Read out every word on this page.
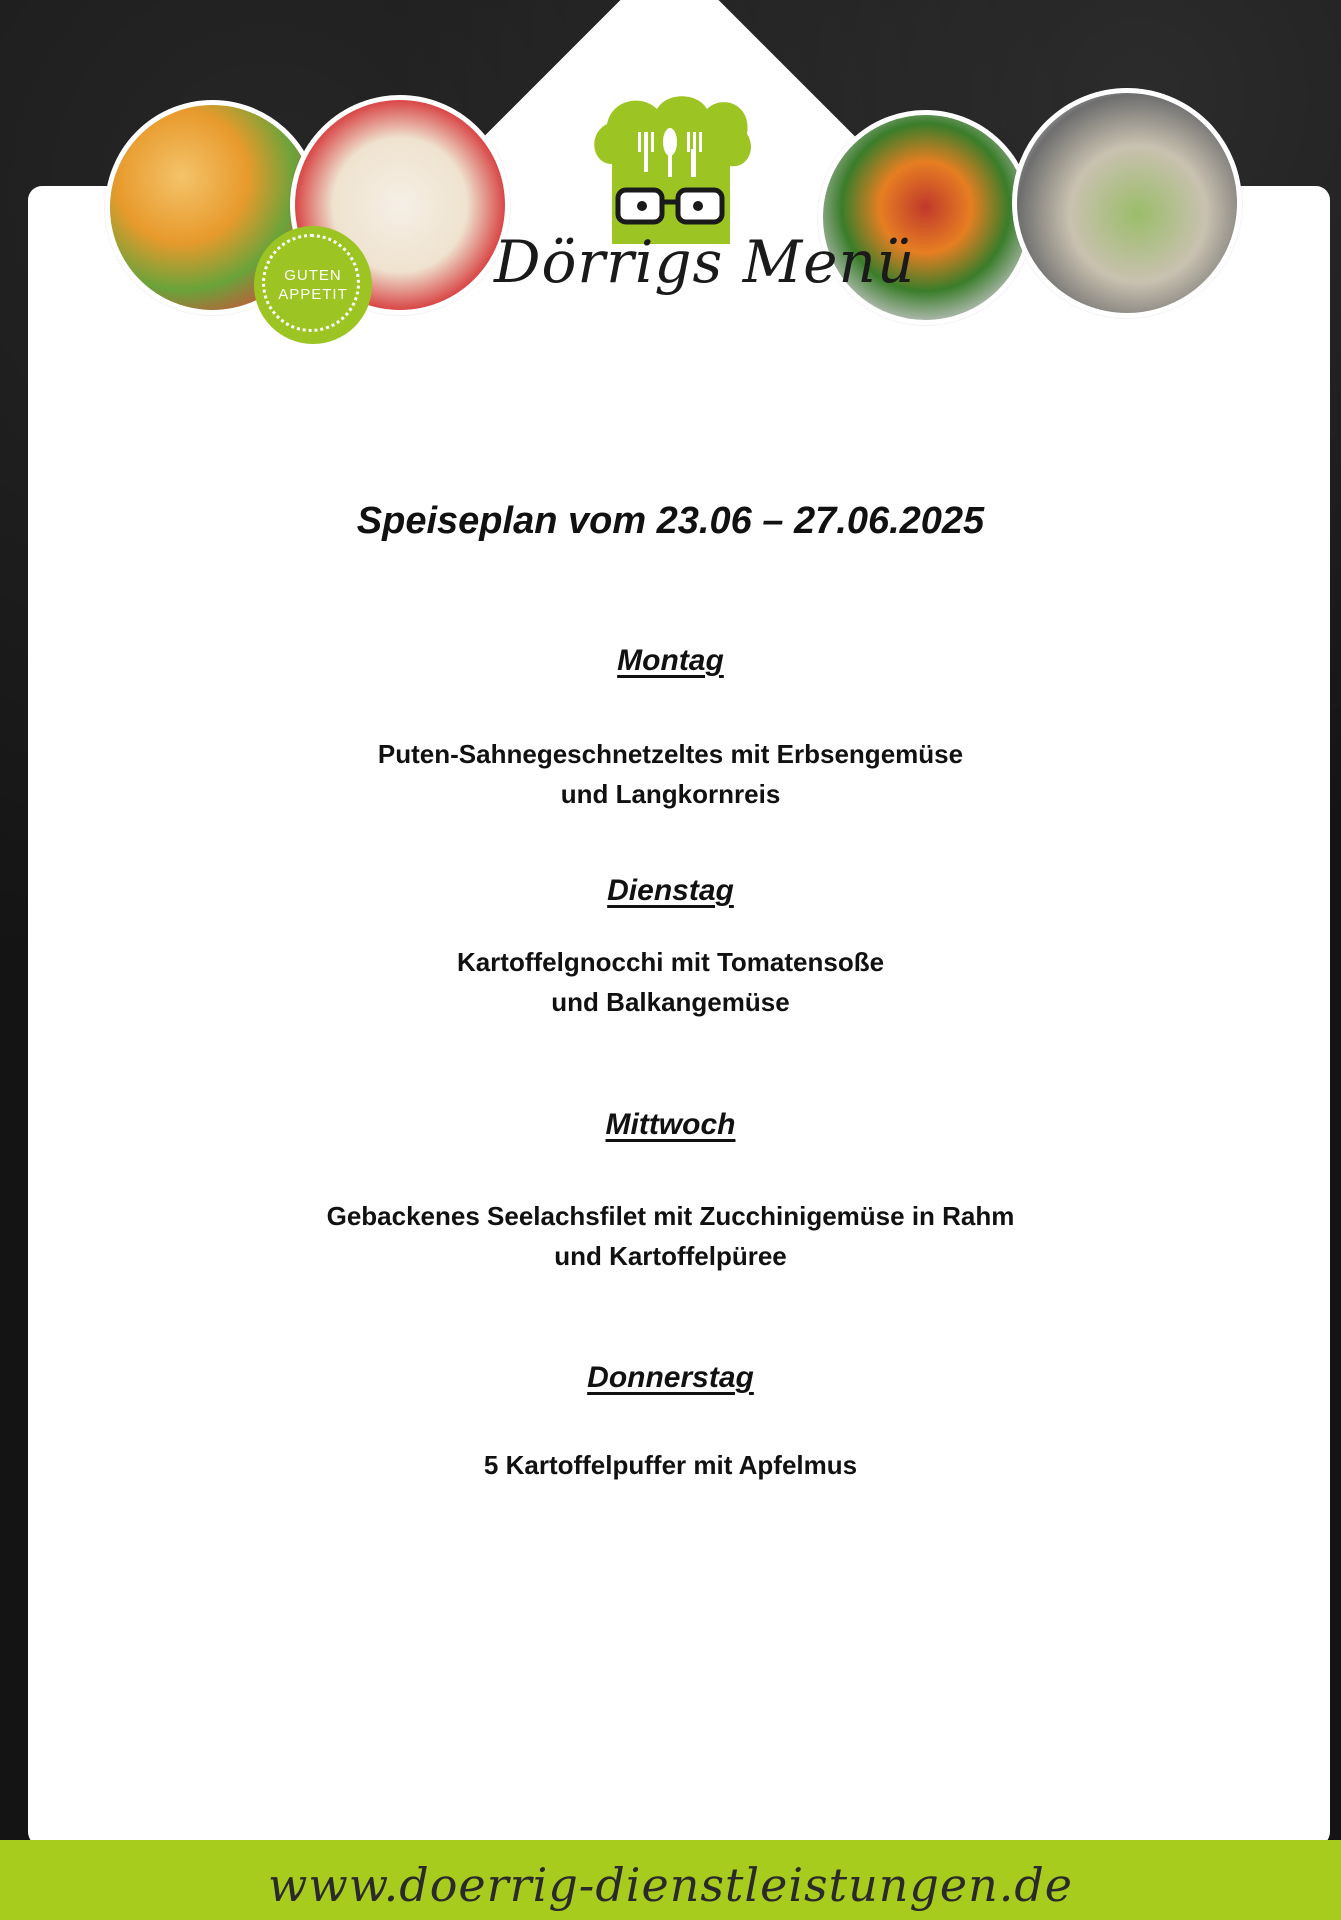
GUTEN
APPETIT	Dörrigs Menü
Speiseplan vom 23.06 – 27.06.2025
Montag
Puten-Sahnegeschnetzeltes mit Erbsengemüse
und Langkornreis
Dienstag
Kartoffelgnocchi mit Tomatensoße
und Balkangemüse
Mittwoch
Gebackenes Seelachsfilet mit Zucchinigemüse in Rahm
und Kartoffelpüree
Donnerstag
5 Kartoffelpuffer mit Apfelmus
www.doerrig-dienstleistungen.de
